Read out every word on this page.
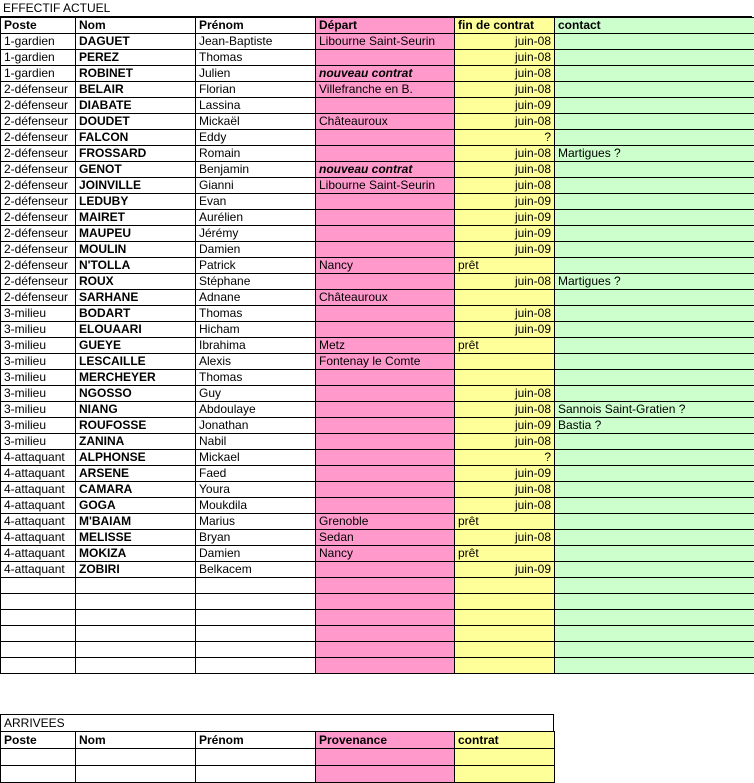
EFFECTIF ACTUEL
Poste	Nom	Prénom	Départ	fin de contrat	contact
1-gardien	DAGUET	Jean-Baptiste	Libourne Saint-Seurin	juin-08	
1-gardien	PEREZ	Thomas		juin-08	
1-gardien	ROBINET	Julien	nouveau contrat	juin-08	
2-défenseur	BELAIR	Florian	Villefranche en B.	juin-08	
2-défenseur	DIABATE	Lassina		juin-09	
2-défenseur	DOUDET	Mickaël	Châteauroux	juin-08	
2-défenseur	FALCON	Eddy		?	
2-défenseur	FROSSARD	Romain		juin-08	Martigues ?
2-défenseur	GENOT	Benjamin	nouveau contrat	juin-08	
2-défenseur	JOINVILLE	Gianni	Libourne Saint-Seurin	juin-08	
2-défenseur	LEDUBY	Evan		juin-09	
2-défenseur	MAIRET	Aurélien		juin-09	
2-défenseur	MAUPEU	Jérémy		juin-09	
2-défenseur	MOULIN	Damien		juin-09	
2-défenseur	N'TOLLA	Patrick	Nancy	prêt	
2-défenseur	ROUX	Stéphane		juin-08	Martigues ?
2-défenseur	SARHANE	Adnane	Châteauroux		
3-milieu	BODART	Thomas		juin-08	
3-milieu	ELOUAARI	Hicham		juin-09	
3-milieu	GUEYE	Ibrahima	Metz	prêt	
3-milieu	LESCAILLE	Alexis	Fontenay le Comte		
3-milieu	MERCHEYER	Thomas			
3-milieu	NGOSSO	Guy		juin-08	
3-milieu	NIANG	Abdoulaye		juin-08	Sannois Saint-Gratien ?
3-milieu	ROUFOSSE	Jonathan		juin-09	Bastia ?
3-milieu	ZANINA	Nabil		juin-08	
4-attaquant	ALPHONSE	Mickael		?	
4-attaquant	ARSENE	Faed		juin-09	
4-attaquant	CAMARA	Youra		juin-08	
4-attaquant	GOGA	Moukdila		juin-08	
4-attaquant	M'BAIAM	Marius	Grenoble	prêt	
4-attaquant	MELISSE	Bryan	Sedan	juin-08	
4-attaquant	MOKIZA	Damien	Nancy	prêt	
4-attaquant	ZOBIRI	Belkacem		juin-09	

ARRIVEES
Poste	Nom	Prénom	Provenance	contrat
